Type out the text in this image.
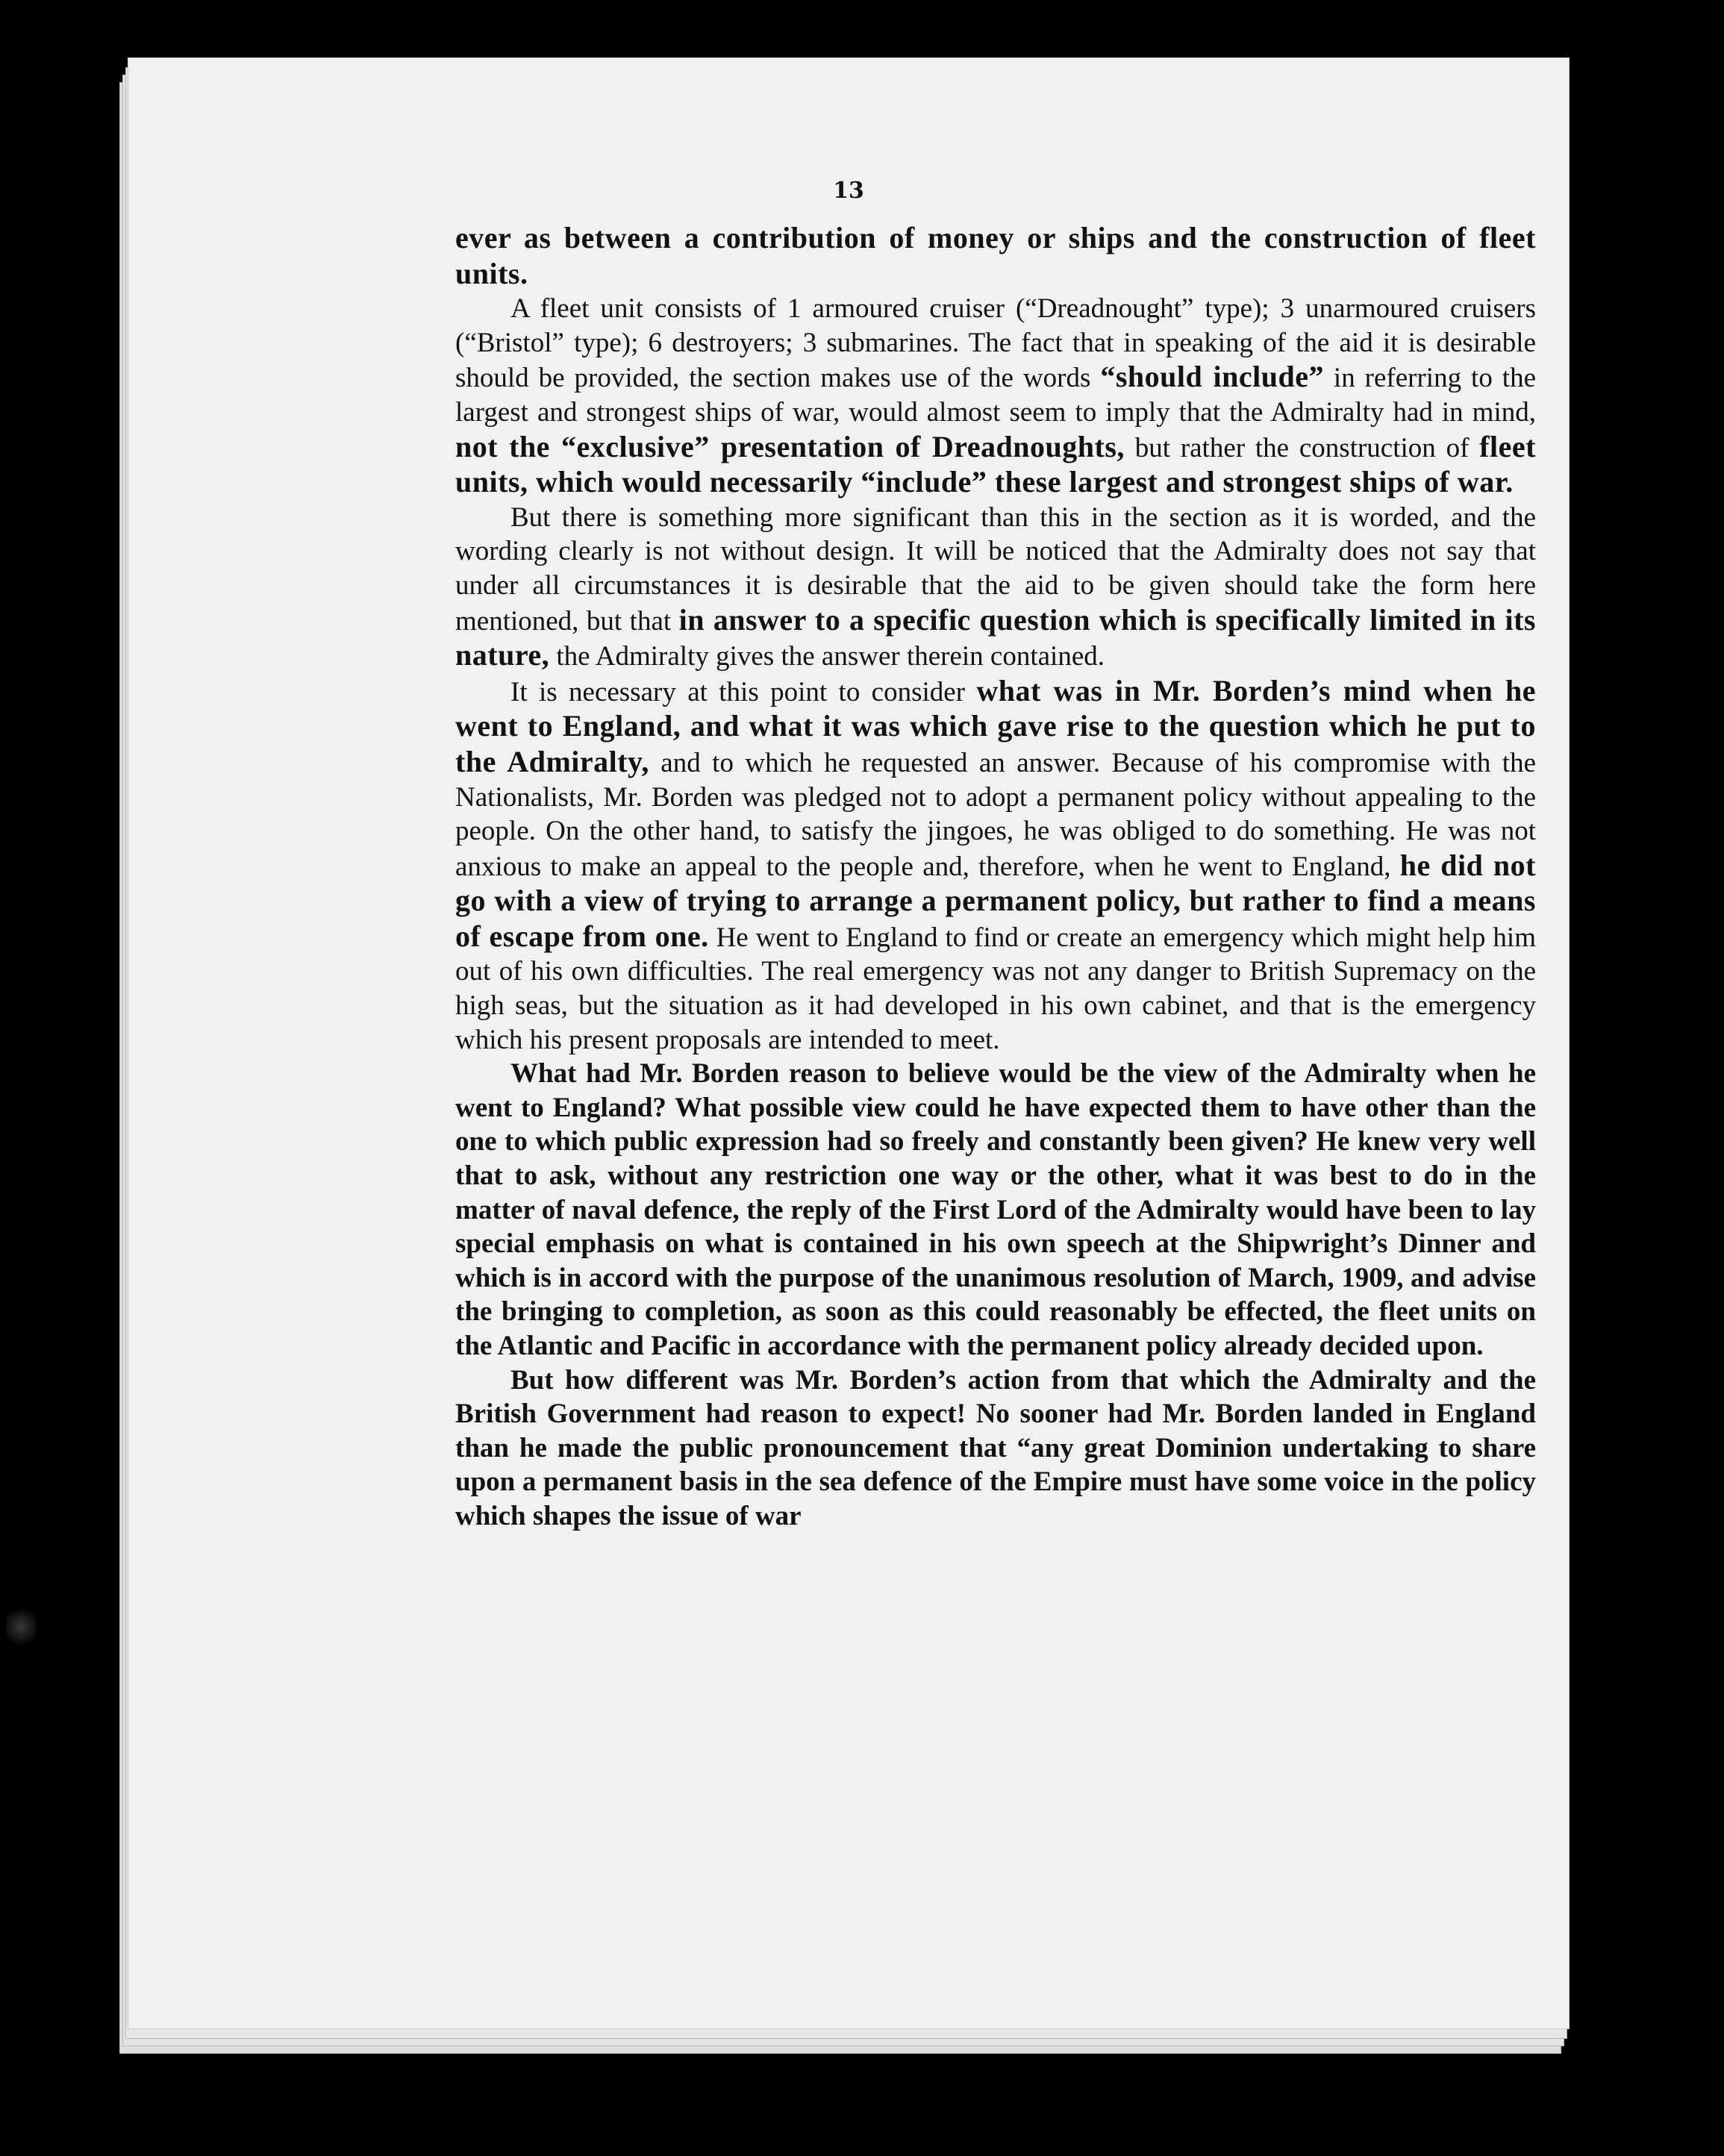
13

ever as between a contribution of money or ships and the construction of fleet units.

A fleet unit consists of 1 armoured cruiser (“Dreadnought” type); 3 unarmoured cruisers (“Bristol” type); 6 destroyers; 3 submarines. The fact that in speaking of the aid it is desirable should be provided, the section makes use of the words “should include” in referring to the largest and strongest ships of war, would almost seem to imply that the Admiralty had in mind, not the “exclusive” presentation of Dreadnoughts, but rather the construction of fleet units, which would necessarily “include” these largest and strongest ships of war.

But there is something more significant than this in the section as it is worded, and the wording clearly is not without design. It will be noticed that the Admiralty does not say that under all circumstances it is desirable that the aid to be given should take the form here mentioned, but that in answer to a specific question which is specifically limited in its nature, the Admiralty gives the answer therein contained.

It is necessary at this point to consider what was in Mr. Borden’s mind when he went to England, and what it was which gave rise to the question which he put to the Admiralty, and to which he requested an answer. Because of his compromise with the Nationalists, Mr. Borden was pledged not to adopt a permanent policy without appealing to the people. On the other hand, to satisfy the jingoes, he was obliged to do something. He was not anxious to make an appeal to the people and, therefore, when he went to England, he did not go with a view of trying to arrange a permanent policy, but rather to find a means of escape from one. He went to England to find or create an emergency which might help him out of his own difficulties. The real emergency was not any danger to British Supremacy on the high seas, but the situation as it had developed in his own cabinet, and that is the emergency which his present proposals are intended to meet.

What had Mr. Borden reason to believe would be the view of the Admiralty when he went to England? What possible view could he have expected them to have other than the one to which public expression had so freely and constantly been given? He knew very well that to ask, without any restriction one way or the other, what it was best to do in the matter of naval defence, the reply of the First Lord of the Admiralty would have been to lay special emphasis on what is contained in his own speech at the Shipwright’s Dinner and which is in accord with the purpose of the unanimous resolution of March, 1909, and advise the bringing to completion, as soon as this could reasonably be effected, the fleet units on the Atlantic and Pacific in accordance with the permanent policy already decided upon.

But how different was Mr. Borden’s action from that which the Admiralty and the British Government had reason to expect! No sooner had Mr. Borden landed in England than he made the public pronouncement that “any great Dominion undertaking to share upon a permanent basis in the sea defence of the Empire must have some voice in the policy which shapes the issue of war
